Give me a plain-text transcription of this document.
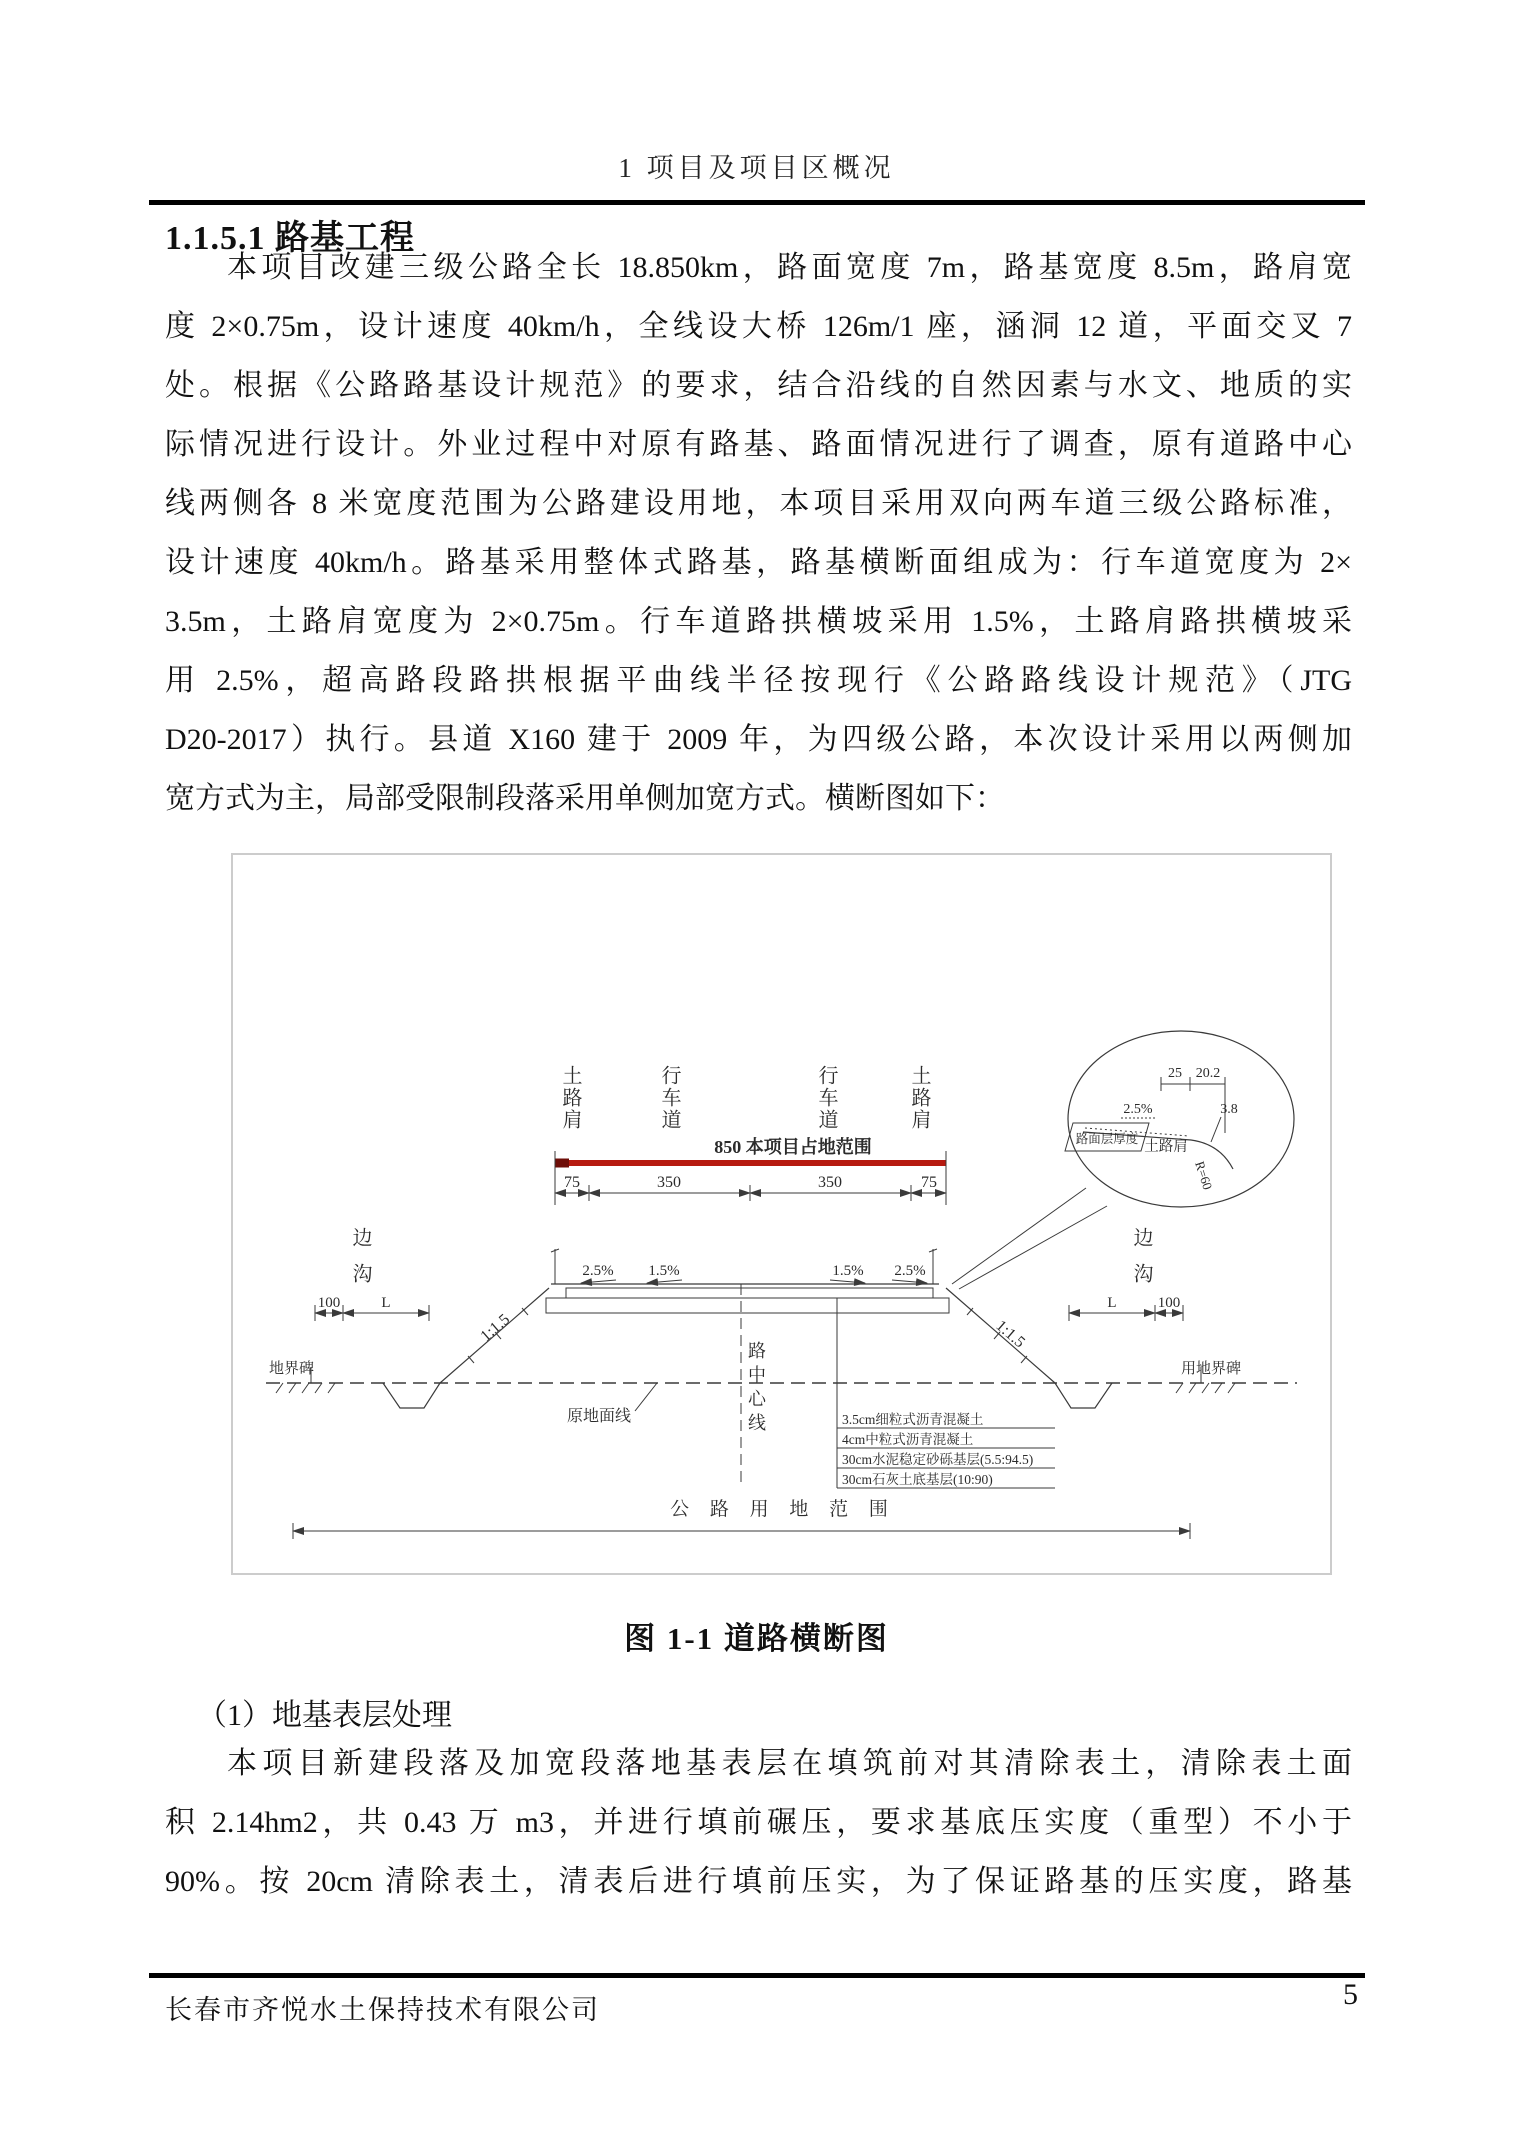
1 项目及项目区概况
1.1.5.1 路基工程
本项目改建三级公路全长 18.850km，路面宽度 7m，路基宽度 8.5m，路肩宽
度 2×0.75m，设计速度 40km/h，全线设大桥 126m/1 座，涵洞 12 道，平面交叉 7
处。根据《公路路基设计规范》的要求，结合沿线的自然因素与水文、地质的实
际情况进行设计。外业过程中对原有路基、路面情况进行了调查，原有道路中心
线两侧各 8 米宽度范围为公路建设用地，本项目采用双向两车道三级公路标准，
设计速度 40km/h。路基采用整体式路基，路基横断面组成为：行车道宽度为 2×
3.5m，土路肩宽度为 2×0.75m。行车道路拱横坡采用 1.5%，土路肩路拱横坡采
用 2.5%，超高路段路拱根据平曲线半径按现行《公路路线设计规范》（JTG
D20-2017）执行。县道 X160 建于 2009 年，为四级公路，本次设计采用以两侧加
宽方式为主，局部受限制段落采用单侧加宽方式。横断图如下：
土路肩	行车道	行车道	土路肩
850 本项目占地范围
75	350	350	75
边沟	边沟
2.5% 1.5%	1.5% 2.5%
1:1.5	1:1.5
100	L	L	100
地界碑	用地界碑
原地面线	路中心线	3.5cm细粒式沥青混凝土
4cm中粒式沥青混凝土
30cm水泥稳定砂砾基层(5.5:94.5)
30cm石灰土底基层(10:90)
公 路 用 地 范 围
25 20.2
2.5%	3.8
路面层厚度 土路肩
R=60
图 1-1 道路横断图
（1）地基表层处理
本项目新建段落及加宽段落地基表层在填筑前对其清除表土，清除表土面
积 2.14hm2，共 0.43 万 m3，并进行填前碾压，要求基底压实度（重型）不小于
90%。按 20cm 清除表土，清表后进行填前压实，为了保证路基的压实度，路基
长春市齐悦水土保持技术有限公司	5
